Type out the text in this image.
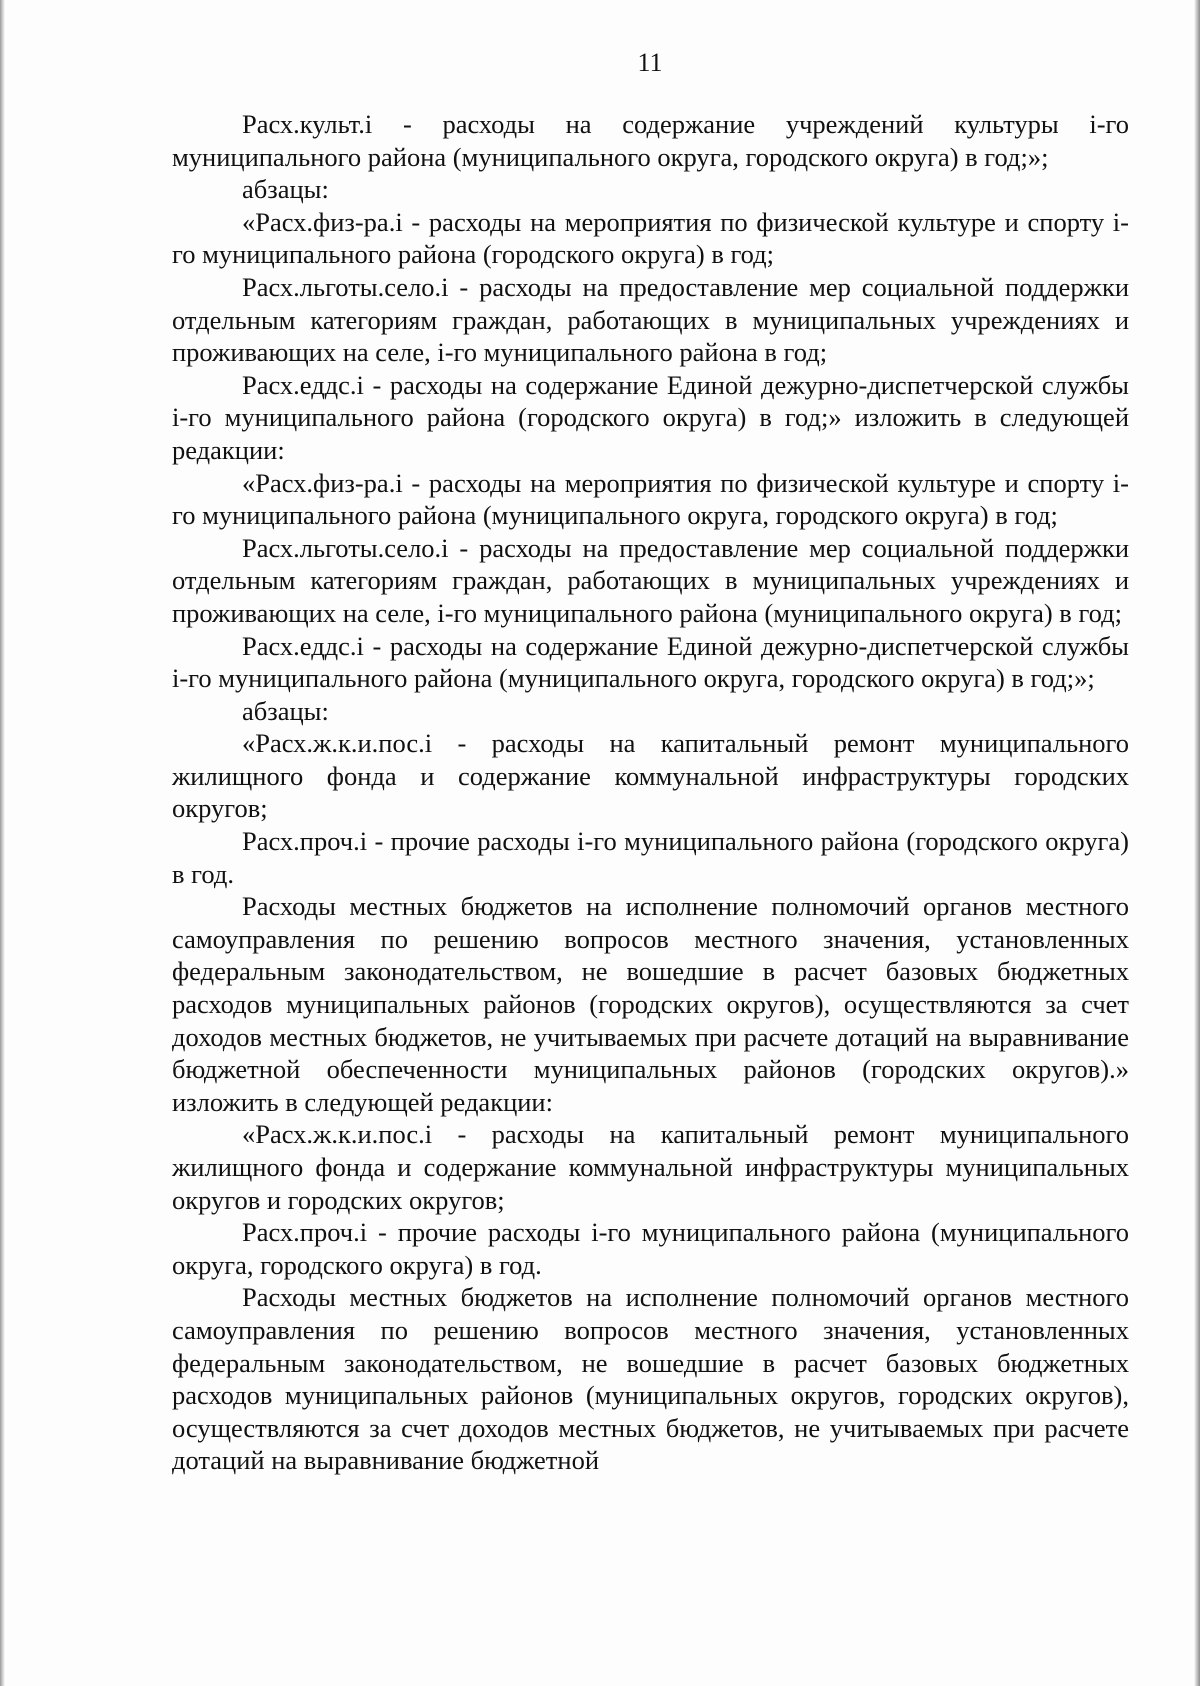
11

Расх.культ.i - расходы на содержание учреждений культуры i-го муниципального района (муниципального округа, городского округа) в год;»;

абзацы:

«Расх.физ-ра.i - расходы на мероприятия по физической культуре и спорту i-го муниципального района (городского округа) в год;

Расх.льготы.село.i - расходы на предоставление мер социальной поддержки отдельным категориям граждан, работающих в муниципальных учреждениях и проживающих на селе, i-го муниципального района в год;

Расх.еддс.i - расходы на содержание Единой дежурно-диспетчерской службы i-го муниципального района (городского округа) в год;» изложить в следующей редакции:

«Расх.физ-ра.i - расходы на мероприятия по физической культуре и спорту i-го муниципального района (муниципального округа, городского округа) в год;

Расх.льготы.село.i - расходы на предоставление мер социальной поддержки отдельным категориям граждан, работающих в муниципальных учреждениях и проживающих на селе, i-го муниципального района (муниципального округа) в год;

Расх.еддс.i - расходы на содержание Единой дежурно-диспетчерской службы i-го муниципального района (муниципального округа, городского округа) в год;»;

абзацы:

«Расх.ж.к.и.пос.i - расходы на капитальный ремонт муниципального жилищного фонда и содержание коммунальной инфраструктуры городских округов;

Расх.проч.i - прочие расходы i-го муниципального района (городского округа) в год.

Расходы местных бюджетов на исполнение полномочий органов местного самоуправления по решению вопросов местного значения, установленных федеральным законодательством, не вошедшие в расчет базовых бюджетных расходов муниципальных районов (городских округов), осуществляются за счет доходов местных бюджетов, не учитываемых при расчете дотаций на выравнивание бюджетной обеспеченности муниципальных районов (городских округов).» изложить в следующей редакции:

«Расх.ж.к.и.пос.i - расходы на капитальный ремонт муниципального жилищного фонда и содержание коммунальной инфраструктуры муниципальных округов и городских округов;

Расх.проч.i - прочие расходы i-го муниципального района (муниципального округа, городского округа) в год.

Расходы местных бюджетов на исполнение полномочий органов местного самоуправления по решению вопросов местного значения, установленных федеральным законодательством, не вошедшие в расчет базовых бюджетных расходов муниципальных районов (муниципальных округов, городских округов), осуществляются за счет доходов местных бюджетов, не учитываемых при расчете дотаций на выравнивание бюджетной
